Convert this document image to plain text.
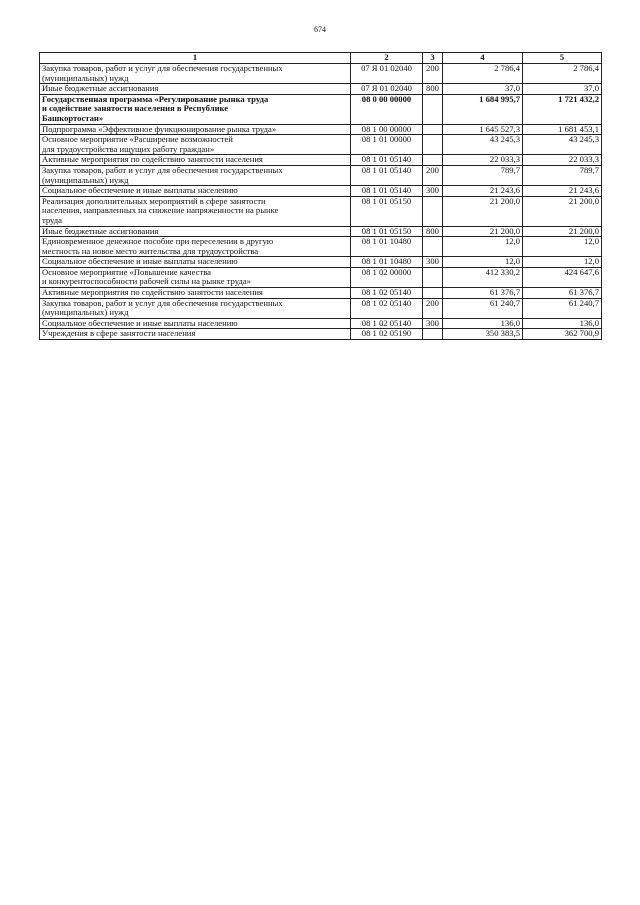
674
1	2	3	4	5
Закупка товаров, работ и услуг для обеспечения государственных
(муниципальных) нужд	07 Я 01 02040	200	2 786,4	2 786,4
Иные бюджетные ассигнования	07 Я 01 02040	800	37,0	37,0
Государственная программа «Регулирование рынка труда
и содействие занятости населения в Республике
Башкортостан»	08 0 00 00000		1 684 995,7	1 721 432,2
Подпрограмма «Эффективное функционирование рынка труда»	08 1 00 00000		1 645 527,3	1 681 453,1
Основное мероприятие «Расширение возможностей
для трудоустройства ищущих работу граждан»	08 1 01 00000		43 245,3	43 245,3
Активные мероприятия по содействию занятости населения	08 1 01 05140		22 033,3	22 033,3
Закупка товаров, работ и услуг для обеспечения государственных
(муниципальных) нужд	08 1 01 05140	200	789,7	789,7
Социальное обеспечение и иные выплаты населению	08 1 01 05140	300	21 243,6	21 243,6
Реализация дополнительных мероприятий в сфере занятости
населения, направленных на снижение напряженности на рынке
труда	08 1 01 05150		21 200,0	21 200,0
Иные бюджетные ассигнования	08 1 01 05150	800	21 200,0	21 200,0
Единовременное денежное пособие при переселении в другую
местность на новое место жительства для трудоустройства	08 1 01 10480		12,0	12,0
Социальное обеспечение и иные выплаты населению	08 1 01 10480	300	12,0	12,0
Основное мероприятие «Повышение качества
и конкурентоспособности рабочей силы на рынке труда»	08 1 02 00000		412 330,2	424 647,6
Активные мероприятия по содействию занятости населения	08 1 02 05140		61 376,7	61 376,7
Закупка товаров, работ и услуг для обеспечения государственных
(муниципальных) нужд	08 1 02 05140	200	61 240,7	61 240,7
Социальное обеспечение и иные выплаты населению	08 1 02 05140	300	136,0	136,0
Учреждения в сфере занятости населения	08 1 02 05190		350 383,5	362 700,9
